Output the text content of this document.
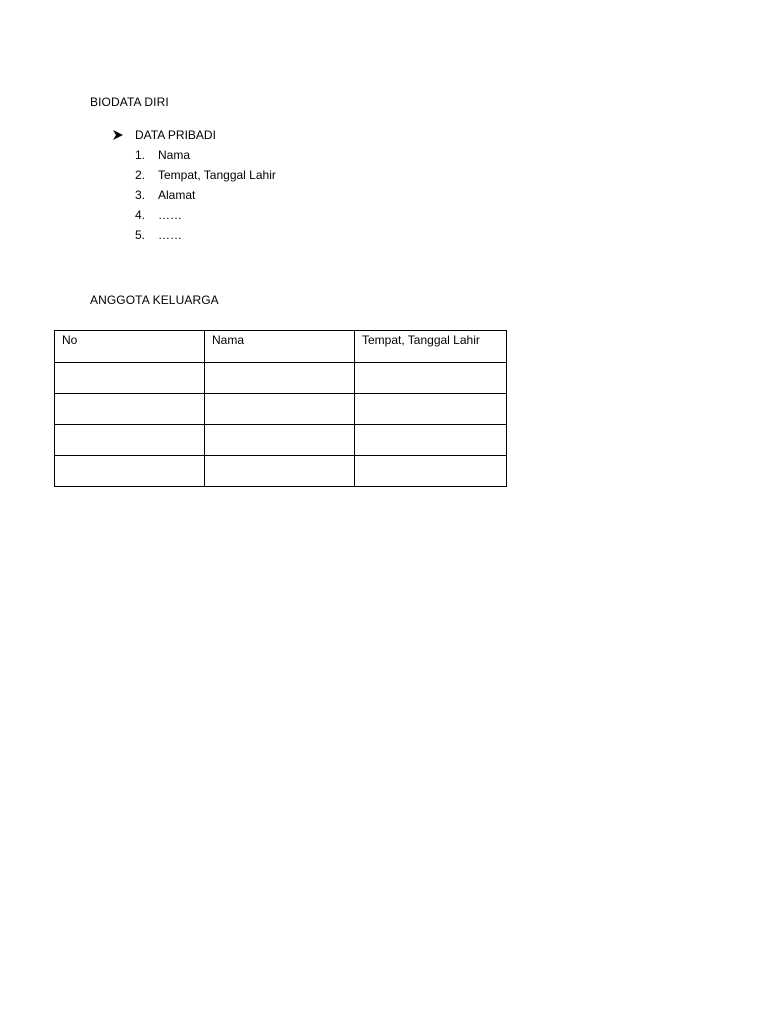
BIODATA DIRI
DATA PRIBADI
1.	Nama
2.	Tempat, Tanggal Lahir
3.	Alamat
4.	……
5.	……
ANGGOTA KELUARGA
No	Nama	Tempat, Tanggal Lahir
